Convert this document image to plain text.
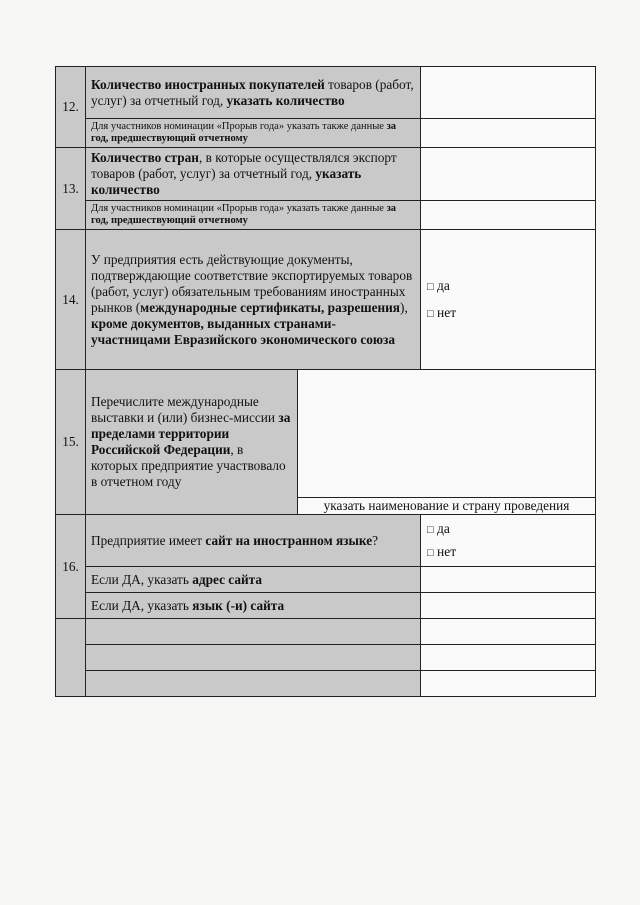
12.	Количество иностранных покупателей товаров (работ, услуг) за отчетный год, указать количество		
	Для участников номинации «Прорыв года» указать также данные за год, предшествующий отчетному		
13.	Количество стран, в которые осуществлялся экспорт товаров (работ, услуг) за отчетный год, указать количество		
	Для участников номинации «Прорыв года» указать также данные за год, предшествующий отчетному		
14.	У предприятия есть действующие документы, подтверждающие соответствие экспортируемых товаров (работ, услуг) обязательным требованиям иностранных рынков (международные сертификаты, разрешения), кроме документов, выданных странами-участницами Евразийского экономического союза		□ да
□ нет

15.	Перечислите международные выставки и (или) бизнес-миссии за пределами территории Российской Федерации, в которых предприятие участвовало в отчетном году		
		указать наименование и страну проведения	
16.	Предприятие имеет сайт на иностранном языке?		□ да
□ нет

	Если ДА, указать адрес сайта		
	Если ДА, указать язык (-и) сайта		
